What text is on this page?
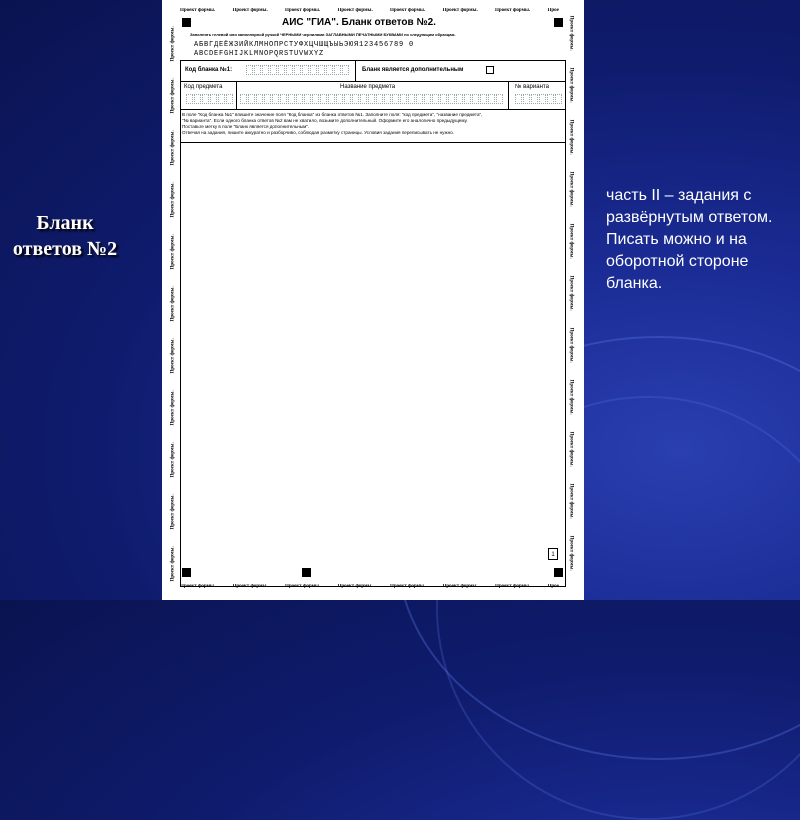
Бланк ответов №2
Проект формы.	Проект формы.	Проект формы.	Проект формы.	Проект формы.	Проект формы.	Проект формы.	Прое
Проект формы.	Проект формы.	Проект формы.	Проект формы.	Проект формы.	Проект формы.	Проект формы.	Прое
Проект формы.
Проект формы.
Проект формы.
Проект формы.
Проект формы.
Проект формы.
Проект формы.
Проект формы.
Проект формы.
Проект формы.
Проект формы.
Проект формы.
Проект формы.
Проект формы.
Проект формы.
Проект формы.
Проект формы.
Проект формы.
Проект формы.
Проект формы.
Проект формы.
Проект формы.
АИС "ГИА". Бланк ответов №2.
Заполнять гелевой или капиллярной ручкой ЧЕРНЫМИ чернилами ЗАГЛАВНЫМИ ПЕЧАТНЫМИ БУКВАМИ по следующим образцам.
АБВГДЕЁЖЗИЙКЛМНОПРСТУФХЦЧШЩЪЫЬЭЮЯ123456789 0
ABCDEFGHIJKLMNOPQRSTUVWXYZ
Код бланка №1:	Бланк является дополнительным
Код предмета	Название предмета	№ варианта
В поле "Код бланка №1" впишите значение поля "Код бланка" из бланка ответов №1. Заполните поля: "код предмета", "название предмета",
"№ варианта". Если одного бланка ответов №2 вам не хватило, возьмите дополнительный. Оформите его аналогично предыдущему.
Поставьте метку в поле "Бланк является дополнительным".
Отвечая на задания, пишите аккуратно и разборчиво, соблюдая разметку страницы. Условия задания переписывать не нужно.
1
часть II – задания с развёрнутым ответом. Писать можно и на оборотной стороне бланка.
